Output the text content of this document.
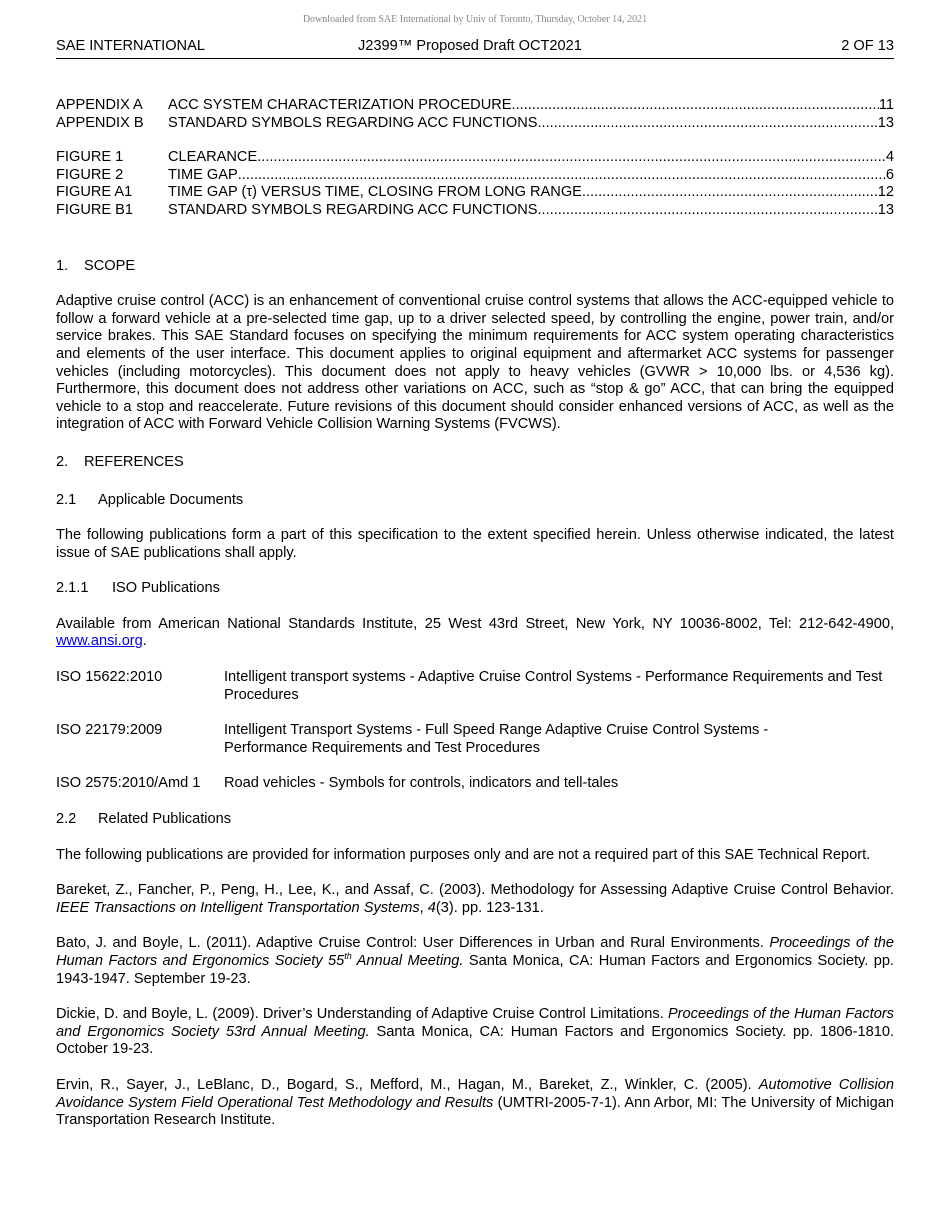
Downloaded from SAE International by Univ of Toronto, Thursday, October 14, 2021
SAE INTERNATIONAL	J2399™ Proposed Draft OCT2021	2 OF 13
APPENDIX A	ACC SYSTEM CHARACTERIZATION PROCEDURE .....	11
APPENDIX B	STANDARD SYMBOLS REGARDING ACC FUNCTIONS .....	13
FIGURE 1	CLEARANCE .....	4
FIGURE 2	TIME GAP .....	6
FIGURE A1	TIME GAP (τ) VERSUS TIME, CLOSING FROM LONG RANGE .....	12
FIGURE B1	STANDARD SYMBOLS REGARDING ACC FUNCTIONS .....	13
1. SCOPE

Adaptive cruise control (ACC) is an enhancement of conventional cruise control systems that allows the ACC-equipped vehicle to follow a forward vehicle at a pre-selected time gap, up to a driver selected speed, by controlling the engine, power train, and/or service brakes. This SAE Standard focuses on specifying the minimum requirements for ACC system operating characteristics and elements of the user interface. This document applies to original equipment and aftermarket ACC systems for passenger vehicles (including motorcycles). This document does not apply to heavy vehicles (GVWR > 10,000 lbs. or 4,536 kg). Furthermore, this document does not address other variations on ACC, such as “stop & go” ACC, that can bring the equipped vehicle to a stop and reaccelerate. Future revisions of this document should consider enhanced versions of ACC, as well as the integration of ACC with Forward Vehicle Collision Warning Systems (FVCWS).

2. REFERENCES
2.1 Applicable Documents

The following publications form a part of this specification to the extent specified herein. Unless otherwise indicated, the latest issue of SAE publications shall apply.

2.1.1 ISO Publications

Available from American National Standards Institute, 25 West 43rd Street, New York, NY 10036-8002, Tel: 212-642-4900, www.ansi.org.

ISO 15622:2010	Intelligent transport systems - Adaptive Cruise Control Systems - Performance Requirements and Test Procedures
ISO 22179:2009	Intelligent Transport Systems - Full Speed Range Adaptive Cruise Control Systems - Performance Requirements and Test Procedures
ISO 2575:2010/Amd 1	Road vehicles - Symbols for controls, indicators and tell-tales
2.2 Related Publications

The following publications are provided for information purposes only and are not a required part of this SAE Technical Report.

Bareket, Z., Fancher, P., Peng, H., Lee, K., and Assaf, C. (2003). Methodology for Assessing Adaptive Cruise Control Behavior. IEEE Transactions on Intelligent Transportation Systems, 4(3). pp. 123-131.

Bato, J. and Boyle, L. (2011). Adaptive Cruise Control: User Differences in Urban and Rural Environments. Proceedings of the Human Factors and Ergonomics Society 55th Annual Meeting. Santa Monica, CA: Human Factors and Ergonomics Society. pp. 1943-1947. September 19-23.

Dickie, D. and Boyle, L. (2009). Driver’s Understanding of Adaptive Cruise Control Limitations. Proceedings of the Human Factors and Ergonomics Society 53rd Annual Meeting. Santa Monica, CA: Human Factors and Ergonomics Society. pp. 1806-1810. October 19-23.

Ervin, R., Sayer, J., LeBlanc, D., Bogard, S., Mefford, M., Hagan, M., Bareket, Z., Winkler, C. (2005). Automotive Collision Avoidance System Field Operational Test Methodology and Results (UMTRI-2005-7-1). Ann Arbor, MI: The University of Michigan Transportation Research Institute.
